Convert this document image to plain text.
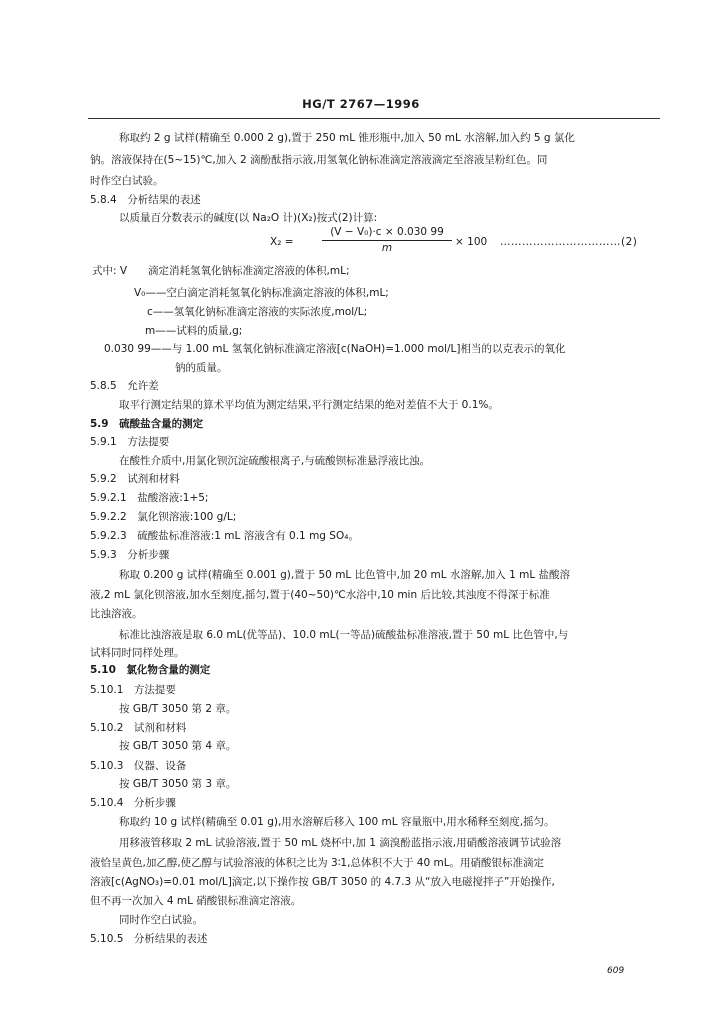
HG/T 2767—1996
称取约 2 g 试样(精确至 0.000 2 g),置于 250 mL 锥形瓶中,加入 50 mL 水溶解,加入约 5 g 氯化
钠。溶液保持在(5~15)℃,加入 2 滴酚酞指示液,用氢氧化钠标准滴定溶液滴定至溶液呈粉红色。同
时作空白试验。
5.8.4　分析结果的表述
以质量百分数表示的碱度(以 Na₂O 计)(X₂)按式(2)计算:
X₂ =	$\frac{\text{(V − V₀)·c × 0.030 99}}{m} \times 100$ ……………………………(2)
式中: V　　滴定消耗氢氧化钠标准滴定溶液的体积,mL;
V₀——空白滴定消耗氢氧化钠标准滴定溶液的体积,mL;
c——氢氧化钠标准滴定溶液的实际浓度,mol/L;
m——试料的质量,g;
0.030 99——与 1.00 mL 氢氧化钠标准滴定溶液[c(NaOH)=1.000 mol/L]相当的以克表示的氧化
钠的质量。
5.8.5　允许差
取平行测定结果的算术平均值为测定结果,平行测定结果的绝对差值不大于 0.1%。
5.9　硫酸盐含量的测定
5.9.1　方法提要
在酸性介质中,用氯化钡沉淀硫酸根离子,与硫酸钡标准悬浮液比浊。
5.9.2　试剂和材料
5.9.2.1　盐酸溶液:1+5;
5.9.2.2　氯化钡溶液:100 g/L;
5.9.2.3　硫酸盐标准溶液:1 mL 溶液含有 0.1 mg SO₄。
5.9.3　分析步骤
称取 0.200 g 试样(精确至 0.001 g),置于 50 mL 比色管中,加 20 mL 水溶解,加入 1 mL 盐酸溶
液,2 mL 氯化钡溶液,加水至刻度,摇匀,置于(40~50)℃水浴中,10 min 后比较,其浊度不得深于标准
比浊溶液。
标准比浊溶液是取 6.0 mL(优等品)、10.0 mL(一等品)硫酸盐标准溶液,置于 50 mL 比色管中,与
试料同时同样处理。
5.10　氯化物含量的测定
5.10.1　方法提要
按 GB/T 3050 第 2 章。
5.10.2　试剂和材料
按 GB/T 3050 第 4 章。
5.10.3　仪器、设备
按 GB/T 3050 第 3 章。
5.10.4　分析步骤
称取约 10 g 试样(精确至 0.01 g),用水溶解后移入 100 mL 容量瓶中,用水稀释至刻度,摇匀。
用移液管移取 2 mL 试验溶液,置于 50 mL 烧杯中,加 1 滴溴酚蓝指示液,用硝酸溶液调节试验溶
液恰呈黄色,加乙醇,使乙醇与试验溶液的体积之比为 3∶1,总体积不大于 40 mL。用硝酸银标准滴定
溶液[c(AgNO₃)=0.01 mol/L]滴定,以下操作按 GB/T 3050 的 4.7.3 从“放入电磁搅拌子”开始操作,
但不再一次加入 4 mL 硝酸银标准滴定溶液。
同时作空白试验。
5.10.5　分析结果的表述
609
